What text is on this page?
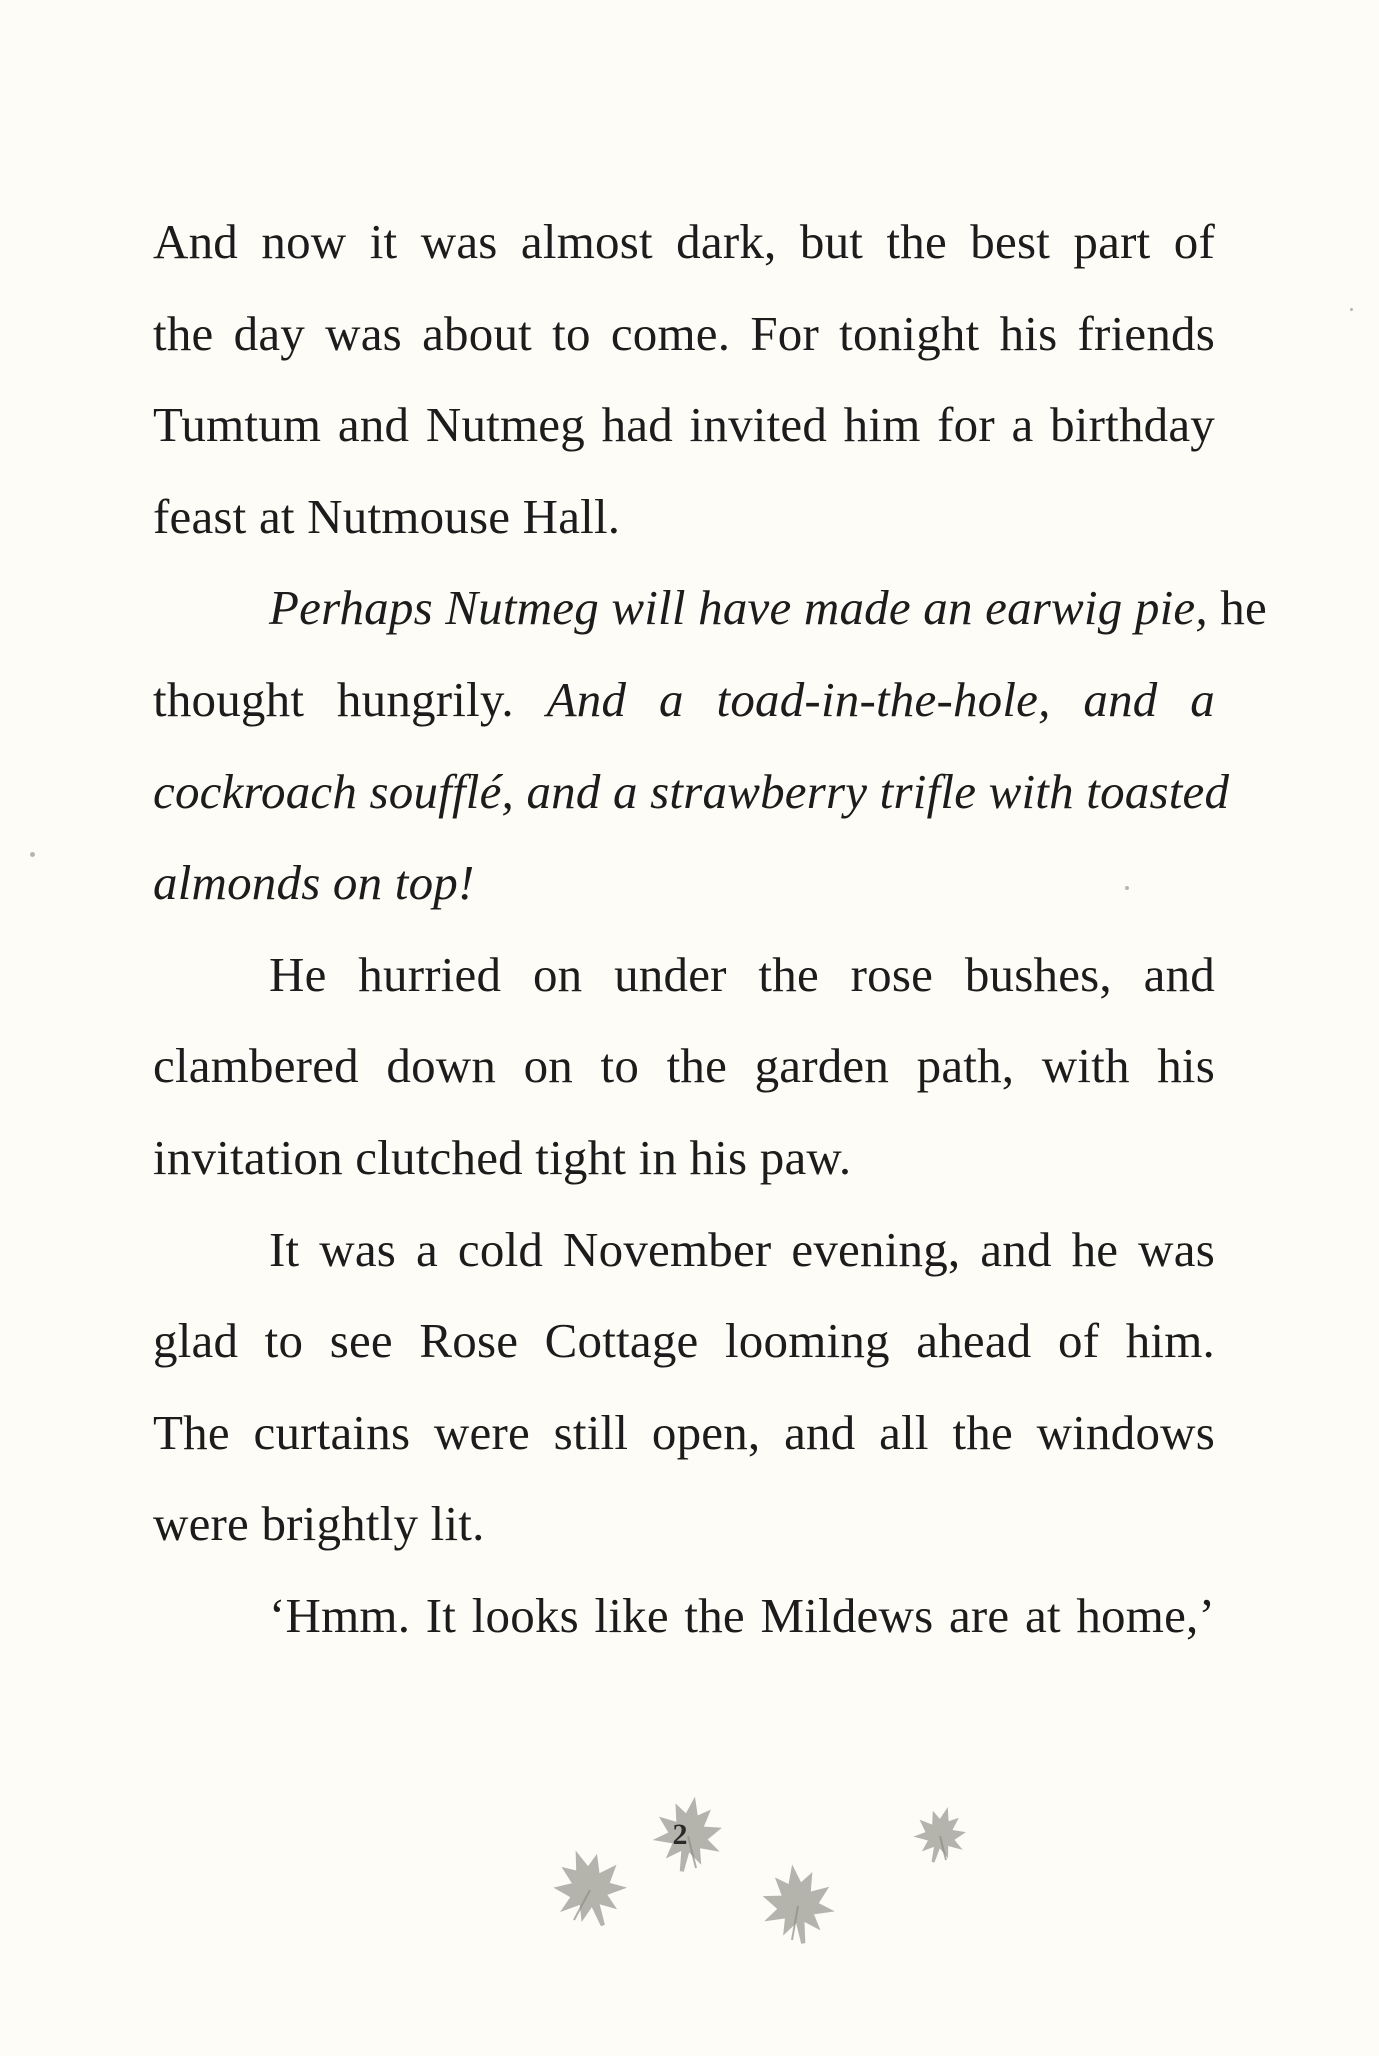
And now it was almost dark, but the best part of
the day was about to come. For tonight his friends
Tumtum and Nutmeg had invited him for a birthday
feast at Nutmouse Hall.
Perhaps Nutmeg will have made an earwig pie, he
thought hungrily. And a toad-in-the-hole, and a
cockroach soufflé, and a strawberry trifle with toasted
almonds on top!
He hurried on under the rose bushes, and
clambered down on to the garden path, with his
invitation clutched tight in his paw.
It was a cold November evening, and he was
glad to see Rose Cottage looming ahead of him.
The curtains were still open, and all the windows
were brightly lit.
‘Hmm. It looks like the Mildews are at home,’
2
